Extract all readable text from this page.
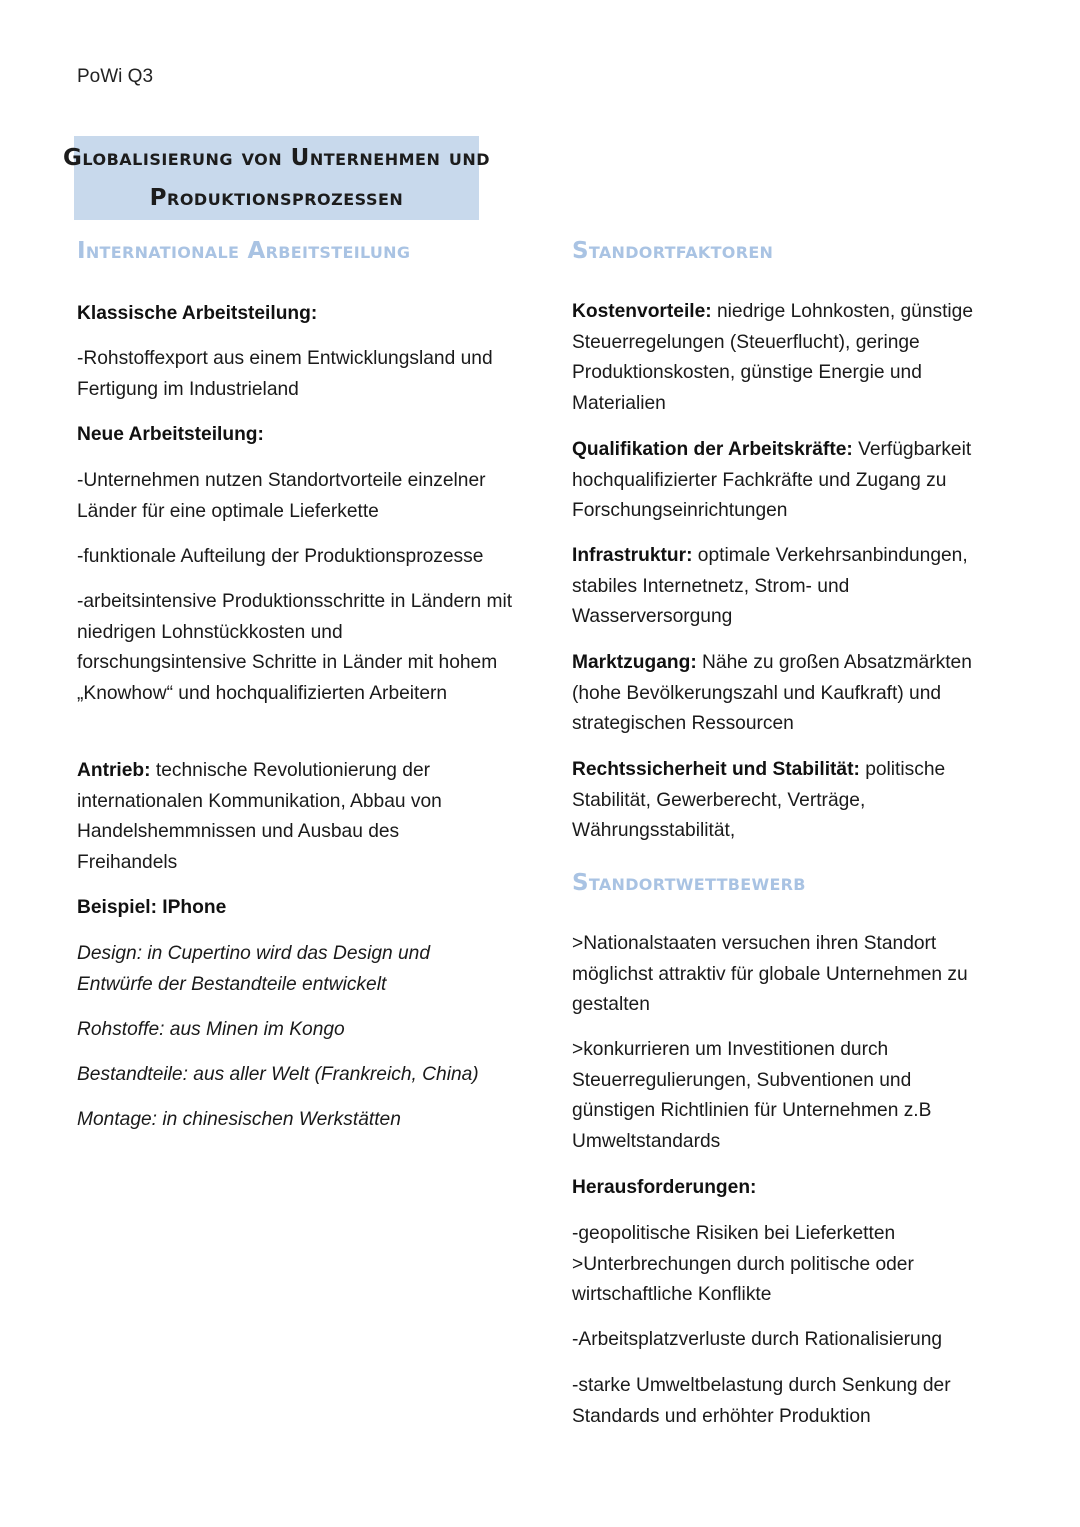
PoWi Q3
Globalisierung von Unternehmen und
Produktionsprozessen
Internationale Arbeitsteilung

Klassische Arbeitsteilung:

-Rohstoffexport aus einem Entwicklungsland und Fertigung im Industrieland

Neue Arbeitsteilung:

-Unternehmen nutzen Standortvorteile einzelner Länder für eine optimale Lieferkette

-funktionale Aufteilung der Produktionsprozesse

-arbeitsintensive Produktionsschritte in Ländern mit niedrigen Lohnstückkosten und forschungsintensive Schritte in Länder mit hohem „Knowhow“ und hochqualifizierten Arbeitern

Antrieb: technische Revolutionierung der internationalen Kommunikation, Abbau von Handelshemmnissen und Ausbau des Freihandels

Beispiel: IPhone

Design: in Cupertino wird das Design und Entwürfe der Bestandteile entwickelt

Rohstoffe: aus Minen im Kongo

Bestandteile: aus aller Welt (Frankreich, China)

Montage: in chinesischen Werkstätten

Standortfaktoren

Kostenvorteile: niedrige Lohnkosten, günstige Steuerregelungen (Steuerflucht), geringe Produktionskosten, günstige Energie und Materialien

Qualifikation der Arbeitskräfte: Verfügbarkeit hochqualifizierter Fachkräfte und Zugang zu Forschungseinrichtungen

Infrastruktur: optimale Verkehrsanbindungen, stabiles Internetnetz, Strom- und Wasserversorgung

Marktzugang: Nähe zu großen Absatzmärkten (hohe Bevölkerungszahl und Kaufkraft) und strategischen Ressourcen

Rechtssicherheit und Stabilität: politische Stabilität, Gewerberecht, Verträge, Währungsstabilität,

Standortwettbewerb

>Nationalstaaten versuchen ihren Standort möglichst attraktiv für globale Unternehmen zu gestalten

>konkurrieren um Investitionen durch Steuerregulierungen, Subventionen und günstigen Richtlinien für Unternehmen z.B Umweltstandards

Herausforderungen:

-geopolitische Risiken bei Lieferketten >Unterbrechungen durch politische oder wirtschaftliche Konflikte

-Arbeitsplatzverluste durch Rationalisierung

-starke Umweltbelastung durch Senkung der Standards und erhöhter Produktion
